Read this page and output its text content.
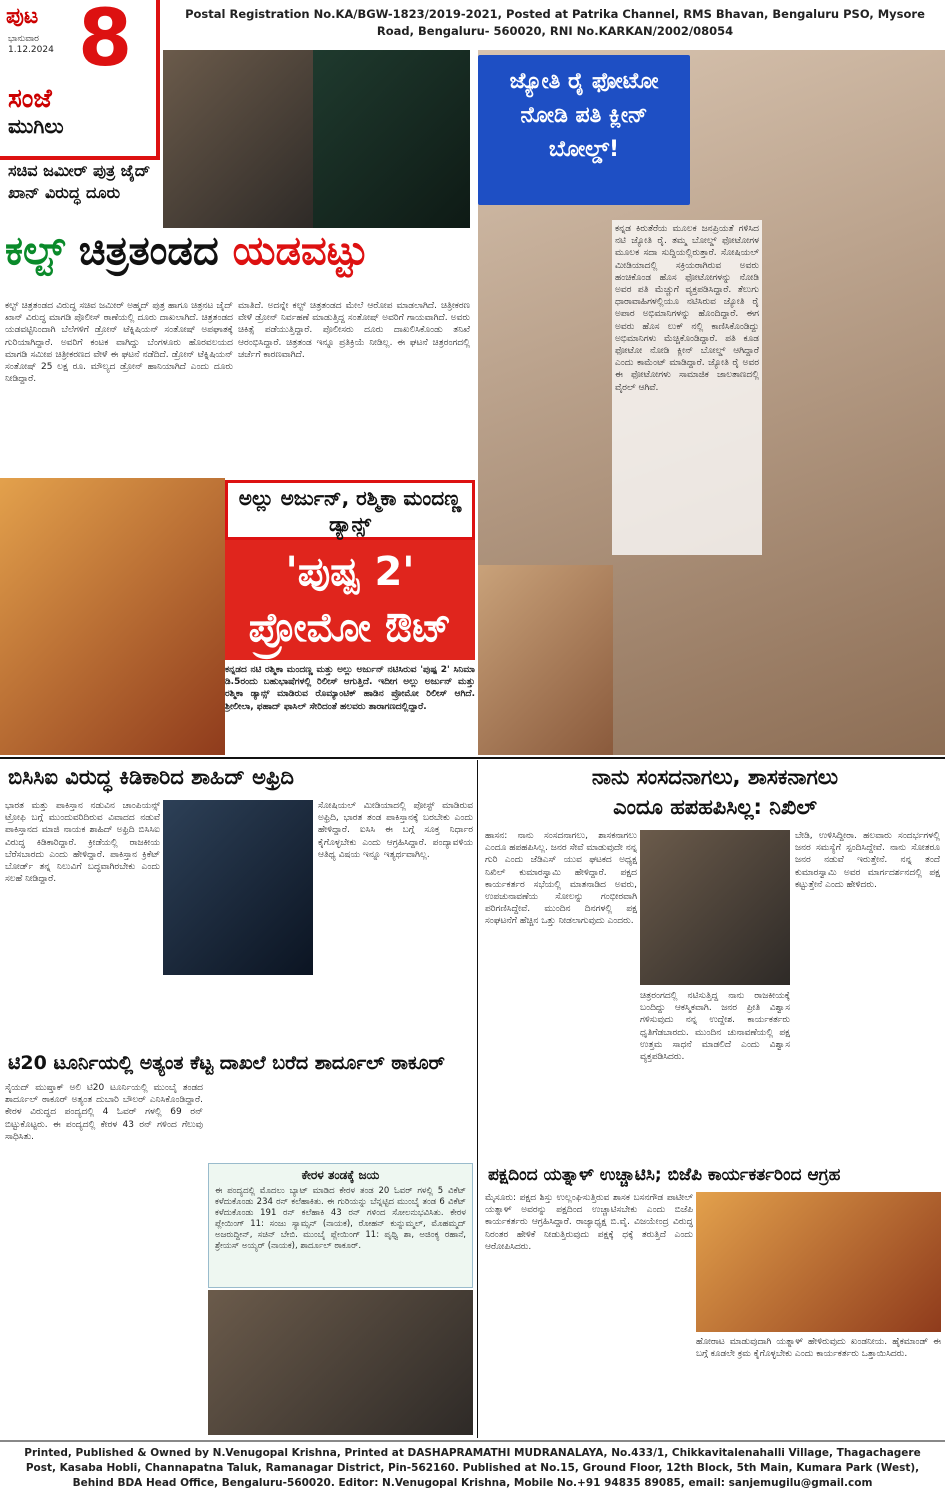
ಪುಟ 8
ಭಾನುವಾರ
1.12.2024
ಸಂಜೆ
ಮುಗಿಲು
Postal Registration No.KA/BGW-1823/2019-2021, Posted at Patrika Channel, RMS Bhavan, Bengaluru PSO, Mysore Road, Bengaluru- 560020, RNI No.KARKAN/2002/08054
ಸಚಿವ ಜಮೀರ್ ಪುತ್ರ ಜೈದ್ ಖಾನ್ ವಿರುದ್ಧ ದೂರು
ಕಲ್ಟ್ ಚಿತ್ರತಂಡದ ಯಡವಟ್ಟು
ಕಲ್ಟ್ ಚಿತ್ರತಂಡದ ವಿರುದ್ಧ ಸಚಿವ ಜಮೀರ್ ಅಹ್ಮದ್ ಪುತ್ರ ಹಾಗೂ ಚಿತ್ರನಟ ಜೈದ್ ಖಾನ್ ವಿರುದ್ಧ ಮಾಗಡಿ ಪೊಲೀಸ್ ಠಾಣೆಯಲ್ಲಿ ದೂರು ದಾಖಲಾಗಿದೆ. ಚಿತ್ರತಂಡದ ಯಡವಟ್ಟಿನಿಂದಾಗಿ ಬೆಲೆಗಳಿಗೆ ಡ್ರೋನ್ ಟೆಕ್ನಿಷಿಯನ್ ಸಂತೋಷ್ ಅಪಘಾತಕ್ಕೆ ಗುರಿಯಾಗಿದ್ದಾರೆ. ಅವರಿಗೆ ಕಂಟಕ ವಾಗಿದ್ದು ಬೆಂಗಳೂರು ಹೊರವಲಯದ ಮಾಗಡಿ ಸಮೀಪ ಚಿತ್ರೀಕರಣದ ವೇಳೆ ಈ ಘಟನೆ ನಡೆದಿದೆ. ಡ್ರೋನ್ ಟೆಕ್ನಿಷಿಯನ್ ಸಂತೋಷ್ 25 ಲಕ್ಷ ರೂ. ಮೌಲ್ಯದ ಡ್ರೋನ್ ಹಾನಿಯಾಗಿದೆ ಎಂದು ದೂರು ನೀಡಿದ್ದಾರೆ.
ಮಾತಿದೆ. ಅದನ್ನೇ ಕಲ್ಟ್ ಚಿತ್ರತಂಡದ ಮೇಲೆ ಆರೋಪ ಮಾಡಲಾಗಿದೆ. ಚಿತ್ರೀಕರಣ ವೇಳೆ ಡ್ರೋನ್ ನಿರ್ವಹಣೆ ಮಾಡುತ್ತಿದ್ದ ಸಂತೋಷ್ ಅವರಿಗೆ ಗಾಯವಾಗಿದೆ. ಅವರು ಚಿಕಿತ್ಸೆ ಪಡೆಯುತ್ತಿದ್ದಾರೆ. ಪೊಲೀಸರು ದೂರು ದಾಖಲಿಸಿಕೊಂಡು ತನಿಖೆ ಆರಂಭಿಸಿದ್ದಾರೆ. ಚಿತ್ರತಂಡ ಇನ್ನೂ ಪ್ರತಿಕ್ರಿಯೆ ನೀಡಿಲ್ಲ. ಈ ಘಟನೆ ಚಿತ್ರರಂಗದಲ್ಲಿ ಚರ್ಚೆಗೆ ಕಾರಣವಾಗಿದೆ.
ಜ್ಯೋತಿ ರೈ ಫೋಟೋ ನೋಡಿ ಪತಿ ಕ್ಲೀನ್ ಬೋಲ್ಡ್!
ಕನ್ನಡ ಕಿರುತೆರೆಯ ಮೂಲಕ ಜನಪ್ರಿಯತೆ ಗಳಿಸಿದ ನಟಿ ಜ್ಯೋತಿ ರೈ. ತಮ್ಮ ಬೋಲ್ಡ್ ಫೋಟೋಗಳ ಮೂಲಕ ಸದಾ ಸುದ್ದಿಯಲ್ಲಿರುತ್ತಾರೆ. ಸೋಷಿಯಲ್ ಮೀಡಿಯಾದಲ್ಲಿ ಸಕ್ರಿಯರಾಗಿರುವ ಅವರು ಹಂಚಿಕೊಂಡ ಹೊಸ ಫೋಟೋಗಳನ್ನು ನೋಡಿ ಅವರ ಪತಿ ಮೆಚ್ಚುಗೆ ವ್ಯಕ್ತಪಡಿಸಿದ್ದಾರೆ. ತೆಲುಗು ಧಾರಾವಾಹಿಗಳಲ್ಲಿಯೂ ನಟಿಸಿರುವ ಜ್ಯೋತಿ ರೈ ಅಪಾರ ಅಭಿಮಾನಿಗಳನ್ನು ಹೊಂದಿದ್ದಾರೆ. ಈಗ ಅವರು ಹೊಸ ಲುಕ್ ನಲ್ಲಿ ಕಾಣಿಸಿಕೊಂಡಿದ್ದು ಅಭಿಮಾನಿಗಳು ಮೆಚ್ಚಿಕೊಂಡಿದ್ದಾರೆ. ಪತಿ ಕೂಡ ಫೋಟೋ ನೋಡಿ ಕ್ಲೀನ್ ಬೋಲ್ಡ್ ಆಗಿದ್ದಾರೆ ಎಂದು ಕಾಮೆಂಟ್ ಮಾಡಿದ್ದಾರೆ. ಜ್ಯೋತಿ ರೈ ಅವರ ಈ ಫೋಟೋಗಳು ಸಾಮಾಜಿಕ ಜಾಲತಾಣದಲ್ಲಿ ವೈರಲ್ ಆಗಿವೆ.
ಅಲ್ಲು ಅರ್ಜುನ್, ರಶ್ಮಿಕಾ ಮಂದಣ್ಣ ಡ್ಯಾನ್ಸ್
'ಪುಷ್ಪ 2' ಪ್ರೋಮೋ ಔಟ್
ಕನ್ನಡದ ನಟಿ ರಶ್ಮಿಕಾ ಮಂದಣ್ಣ ಮತ್ತು ಅಲ್ಲು ಅರ್ಜುನ್ ನಟಿಸಿರುವ 'ಪುಷ್ಪ 2' ಸಿನಿಮಾ ಡಿ.5ರಂದು ಬಹುಭಾಷೆಗಳಲ್ಲಿ ರಿಲೀಸ್ ಆಗುತ್ತಿದೆ. ಇದೀಗ ಅಲ್ಲು ಅರ್ಜುನ್ ಮತ್ತು ರಶ್ಮಿಕಾ ಡ್ಯಾನ್ಸ್ ಮಾಡಿರುವ ರೊಮ್ಯಾಂಟಿಕ್ ಹಾಡಿನ ಪ್ರೋಮೋ ರಿಲೀಸ್ ಆಗಿದೆ. ಶ್ರೀಲೀಲಾ, ಫಹಾದ್ ಫಾಸಿಲ್ ಸೇರಿದಂತೆ ಹಲವರು ತಾರಾಗಣದಲ್ಲಿದ್ದಾರೆ.
ಬಿಸಿಸಿಐ ವಿರುದ್ಧ ಕಿಡಿಕಾರಿದ ಶಾಹಿದ್ ಅಫ್ರಿದಿ
ಭಾರತ ಮತ್ತು ಪಾಕಿಸ್ತಾನ ನಡುವಿನ ಚಾಂಪಿಯನ್ಸ್ ಟ್ರೋಫಿ ಬಗ್ಗೆ ಮುಂದುವರಿದಿರುವ ವಿವಾದದ ನಡುವೆ ಪಾಕಿಸ್ತಾನದ ಮಾಜಿ ನಾಯಕ ಶಾಹಿದ್ ಅಫ್ರಿದಿ ಬಿಸಿಸಿಐ ವಿರುದ್ಧ ಕಿಡಿಕಾರಿದ್ದಾರೆ. ಕ್ರೀಡೆಯಲ್ಲಿ ರಾಜಕೀಯ ಬೆರೆಸಬಾರದು ಎಂದು ಹೇಳಿದ್ದಾರೆ. ಪಾಕಿಸ್ತಾನ ಕ್ರಿಕೆಟ್ ಬೋರ್ಡ್ ತನ್ನ ನಿಲುವಿಗೆ ಬದ್ಧವಾಗಿರಬೇಕು ಎಂದು ಸಲಹೆ ನೀಡಿದ್ದಾರೆ.
ಸೋಷಿಯಲ್ ಮೀಡಿಯಾದಲ್ಲಿ ಪೋಸ್ಟ್ ಮಾಡಿರುವ ಅಫ್ರಿದಿ, ಭಾರತ ತಂಡ ಪಾಕಿಸ್ತಾನಕ್ಕೆ ಬರಬೇಕು ಎಂದು ಹೇಳಿದ್ದಾರೆ. ಐಸಿಸಿ ಈ ಬಗ್ಗೆ ಸೂಕ್ತ ನಿರ್ಧಾರ ಕೈಗೊಳ್ಳಬೇಕು ಎಂದು ಆಗ್ರಹಿಸಿದ್ದಾರೆ. ಪಂದ್ಯಾವಳಿಯ ಆತಿಥ್ಯ ವಿಷಯ ಇನ್ನೂ ಇತ್ಯರ್ಥವಾಗಿಲ್ಲ.
ಟಿ20 ಟೂರ್ನಿಯಲ್ಲಿ ಅತ್ಯಂತ ಕೆಟ್ಟ ದಾಖಲೆ ಬರೆದ ಶಾರ್ದೂಲ್ ಠಾಕೂರ್
ಸೈಯದ್ ಮುಷ್ತಾಕ್ ಅಲಿ ಟಿ20 ಟೂರ್ನಿಯಲ್ಲಿ ಮುಂಬೈ ತಂಡದ ಶಾರ್ದೂಲ್ ಠಾಕೂರ್ ಅತ್ಯಂತ ದುಬಾರಿ ಬೌಲರ್ ಎನಿಸಿಕೊಂಡಿದ್ದಾರೆ. ಕೇರಳ ವಿರುದ್ಧದ ಪಂದ್ಯದಲ್ಲಿ 4 ಓವರ್ ಗಳಲ್ಲಿ 69 ರನ್ ಬಿಟ್ಟುಕೊಟ್ಟರು. ಈ ಪಂದ್ಯದಲ್ಲಿ ಕೇರಳ 43 ರನ್ ಗಳಿಂದ ಗೆಲುವು ಸಾಧಿಸಿತು.
ಕೇರಳ ತಂಡಕ್ಕೆ ಜಯ
ಈ ಪಂದ್ಯದಲ್ಲಿ ಮೊದಲು ಬ್ಯಾಟ್ ಮಾಡಿದ ಕೇರಳ ತಂಡ 20 ಓವರ್ ಗಳಲ್ಲಿ 5 ವಿಕೆಟ್ ಕಳೆದುಕೊಂಡು 234 ರನ್ ಕಲೆಹಾಕಿತು. ಈ ಗುರಿಯನ್ನು ಬೆನ್ನಟ್ಟಿದ ಮುಂಬೈ ತಂಡ 6 ವಿಕೆಟ್ ಕಳೆದುಕೊಂಡು 191 ರನ್ ಕಲೆಹಾಕಿ 43 ರನ್ ಗಳಿಂದ ಸೋಲನುಭವಿಸಿತು. ಕೇರಳ ಪ್ಲೇಯಿಂಗ್ 11: ಸಂಜು ಸ್ಯಾಮ್ಸನ್ (ನಾಯಕ), ರೋಹನ್ ಕುನ್ನುಮ್ಮಲ್, ಮೊಹಮ್ಮದ್ ಅಜರುದ್ದೀನ್, ಸಚಿನ್ ಬೇಬಿ. ಮುಂಬೈ ಪ್ಲೇಯಿಂಗ್ 11: ಪೃಥ್ವಿ ಶಾ, ಅಜಿಂಕ್ಯ ರಹಾನೆ, ಶ್ರೇಯಸ್ ಅಯ್ಯರ್ (ನಾಯಕ), ಶಾರ್ದೂಲ್ ಠಾಕೂರ್.
ನಾನು ಸಂಸದನಾಗಲು, ಶಾಸಕನಾಗಲು
ಎಂದೂ ಹಪಹಪಿಸಿಲ್ಲ: ನಿಖಿಲ್
ಹಾಸನ: ನಾನು ಸಂಸದನಾಗಲು, ಶಾಸಕನಾಗಲು ಎಂದೂ ಹಪಹಪಿಸಿಲ್ಲ. ಜನರ ಸೇವೆ ಮಾಡುವುದೇ ನನ್ನ ಗುರಿ ಎಂದು ಜೆಡಿಎಸ್ ಯುವ ಘಟಕದ ಅಧ್ಯಕ್ಷ ನಿಖಿಲ್ ಕುಮಾರಸ್ವಾಮಿ ಹೇಳಿದ್ದಾರೆ. ಪಕ್ಷದ ಕಾರ್ಯಕರ್ತರ ಸಭೆಯಲ್ಲಿ ಮಾತನಾಡಿದ ಅವರು, ಉಪಚುನಾವಣೆಯ ಸೋಲನ್ನು ಗಂಭೀರವಾಗಿ ಪರಿಗಣಿಸಿದ್ದೇವೆ. ಮುಂದಿನ ದಿನಗಳಲ್ಲಿ ಪಕ್ಷ ಸಂಘಟನೆಗೆ ಹೆಚ್ಚಿನ ಒತ್ತು ನೀಡಲಾಗುವುದು ಎಂದರು.
ಚಿತ್ರರಂಗದಲ್ಲಿ ನಟಿಸುತ್ತಿದ್ದ ನಾನು ರಾಜಕೀಯಕ್ಕೆ ಬಂದಿದ್ದು ಆಕಸ್ಮಿಕವಾಗಿ. ಜನರ ಪ್ರೀತಿ ವಿಶ್ವಾಸ ಗಳಿಸುವುದು ನನ್ನ ಉದ್ದೇಶ. ಕಾರ್ಯಕರ್ತರು ಧೃತಿಗೆಡಬಾರದು. ಮುಂದಿನ ಚುನಾವಣೆಯಲ್ಲಿ ಪಕ್ಷ ಉತ್ತಮ ಸಾಧನೆ ಮಾಡಲಿದೆ ಎಂದು ವಿಶ್ವಾಸ ವ್ಯಕ್ತಪಡಿಸಿದರು.
ಬೇಡಿ, ಉಳಿಸಿದ್ದೀರಾ. ಹಲವಾರು ಸಂದರ್ಭಗಳಲ್ಲಿ ಜನರ ಸಮಸ್ಯೆಗೆ ಸ್ಪಂದಿಸಿದ್ದೇವೆ. ನಾನು ಸೋತರೂ ಜನರ ನಡುವೆ ಇರುತ್ತೇನೆ. ನನ್ನ ತಂದೆ ಕುಮಾರಸ್ವಾಮಿ ಅವರ ಮಾರ್ಗದರ್ಶನದಲ್ಲಿ ಪಕ್ಷ ಕಟ್ಟುತ್ತೇನೆ ಎಂದು ಹೇಳಿದರು.
ಪಕ್ಷದಿಂದ ಯತ್ನಾಳ್ ಉಚ್ಚಾಟಿಸಿ; ಬಿಜೆಪಿ ಕಾರ್ಯಕರ್ತರಿಂದ ಆಗ್ರಹ
ಮೈಸೂರು: ಪಕ್ಷದ ಶಿಸ್ತು ಉಲ್ಲಂಘಿಸುತ್ತಿರುವ ಶಾಸಕ ಬಸನಗೌಡ ಪಾಟೀಲ್ ಯತ್ನಾಳ್ ಅವರನ್ನು ಪಕ್ಷದಿಂದ ಉಚ್ಚಾಟಿಸಬೇಕು ಎಂದು ಬಿಜೆಪಿ ಕಾರ್ಯಕರ್ತರು ಆಗ್ರಹಿಸಿದ್ದಾರೆ. ರಾಜ್ಯಾಧ್ಯಕ್ಷ ಬಿ.ವೈ. ವಿಜಯೇಂದ್ರ ವಿರುದ್ಧ ನಿರಂತರ ಹೇಳಿಕೆ ನೀಡುತ್ತಿರುವುದು ಪಕ್ಷಕ್ಕೆ ಧಕ್ಕೆ ತರುತ್ತಿದೆ ಎಂದು ಆರೋಪಿಸಿದರು.
ಹೋರಾಟ ಮಾಡುವುದಾಗಿ ಯತ್ನಾಳ್ ಹೇಳಿರುವುದು ಖಂಡನೀಯ. ಹೈಕಮಾಂಡ್ ಈ ಬಗ್ಗೆ ಕೂಡಲೇ ಕ್ರಮ ಕೈಗೊಳ್ಳಬೇಕು ಎಂದು ಕಾರ್ಯಕರ್ತರು ಒತ್ತಾಯಿಸಿದರು.
Printed, Published & Owned by N.Venugopal Krishna, Printed at DASHAPRAMATHI MUDRANALAYA, No.433/1, Chikkavitalenahalli Village, Thagachagere Post, Kasaba Hobli, Channapatna Taluk, Ramanagar District, Pin-562160. Published at No.15, Ground Floor, 12th Block, 5th Main, Kumara Park (West), Behind BDA Head Office, Bengaluru-560020. Editor: N.Venugopal Krishna, Mobile No.+91 94835 89085, email: sanjemugilu@gmail.com
